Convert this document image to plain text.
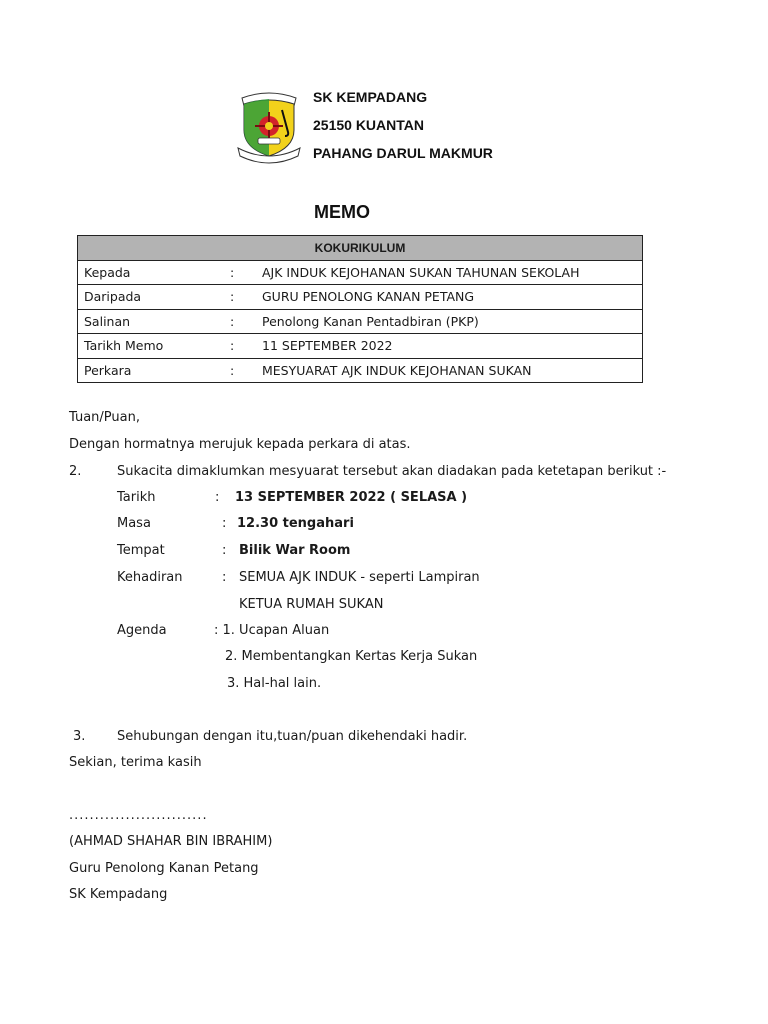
SK KEMPADANG
25150 KUANTAN
PAHANG DARUL MAKMUR
MEMO
KOKURIKULUM		
Kepada	:	AJK INDUK KEJOHANAN SUKAN TAHUNAN SEKOLAH
Daripada	:	GURU PENOLONG KANAN PETANG
Salinan	:	Penolong Kanan Pentadbiran (PKP)
Tarikh Memo	:	11 SEPTEMBER 2022
Perkara	:	MESYUARAT AJK INDUK KEJOHANAN SUKAN
Tuan/Puan,
Dengan hormatnya merujuk kepada perkara di atas.
2.	Sukacita dimaklumkan mesyuarat tersebut akan diadakan pada ketetapan berikut :-
Tarikh	: 13 SEPTEMBER 2022 ( SELASA )
Masa	: 12.30 tengahari
Tempat	: Bilik War Room
Kehadiran	: SEMUA AJK INDUK - seperti Lampiran
KETUA RUMAH SUKAN
Agenda	: 1. Ucapan Aluan
2. Membentangkan Kertas Kerja Sukan
3. Hal-hal lain.
3. Sehubungan dengan itu,tuan/puan dikehendaki hadir.
Sekian, terima kasih
...........................
(AHMAD SHAHAR BIN IBRAHIM)
Guru Penolong Kanan Petang
SK Kempadang
